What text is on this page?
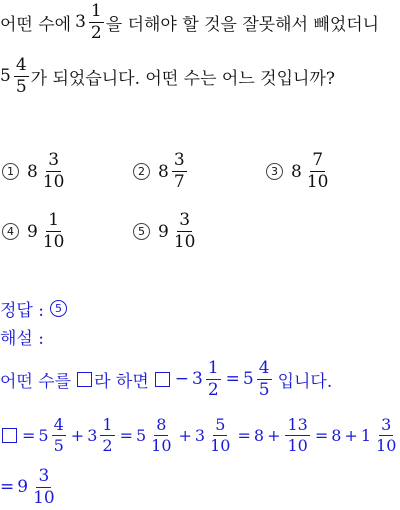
어떤 수에 $3 \frac{1}{2}$ 을 더해야 할 것을 잘못해서 빼었더니
$5 \frac{4}{5}$ 가 되었습니다. 어떤 수는 어느 것입니까?
1 $8 \frac{3}{10}$	2 $8 \frac{3}{7}$	3 $8 \frac{7}{10}$
4 $9 \frac{1}{10}$	5 $9 \frac{3}{10}$
정답 :	5
해설 :
어떤 수를 라 하면 − $3 \frac{1}{2} = 5 \frac{4}{5}$ 입니다.
= $5 \frac{4}{5} + 3 \frac{1}{2} = 5 \frac{8}{10} + 3 \frac{5}{10} = 8 + \frac{13}{10} = 8 + 1 \frac{3}{10}$
= $9 \frac{3}{10}$
